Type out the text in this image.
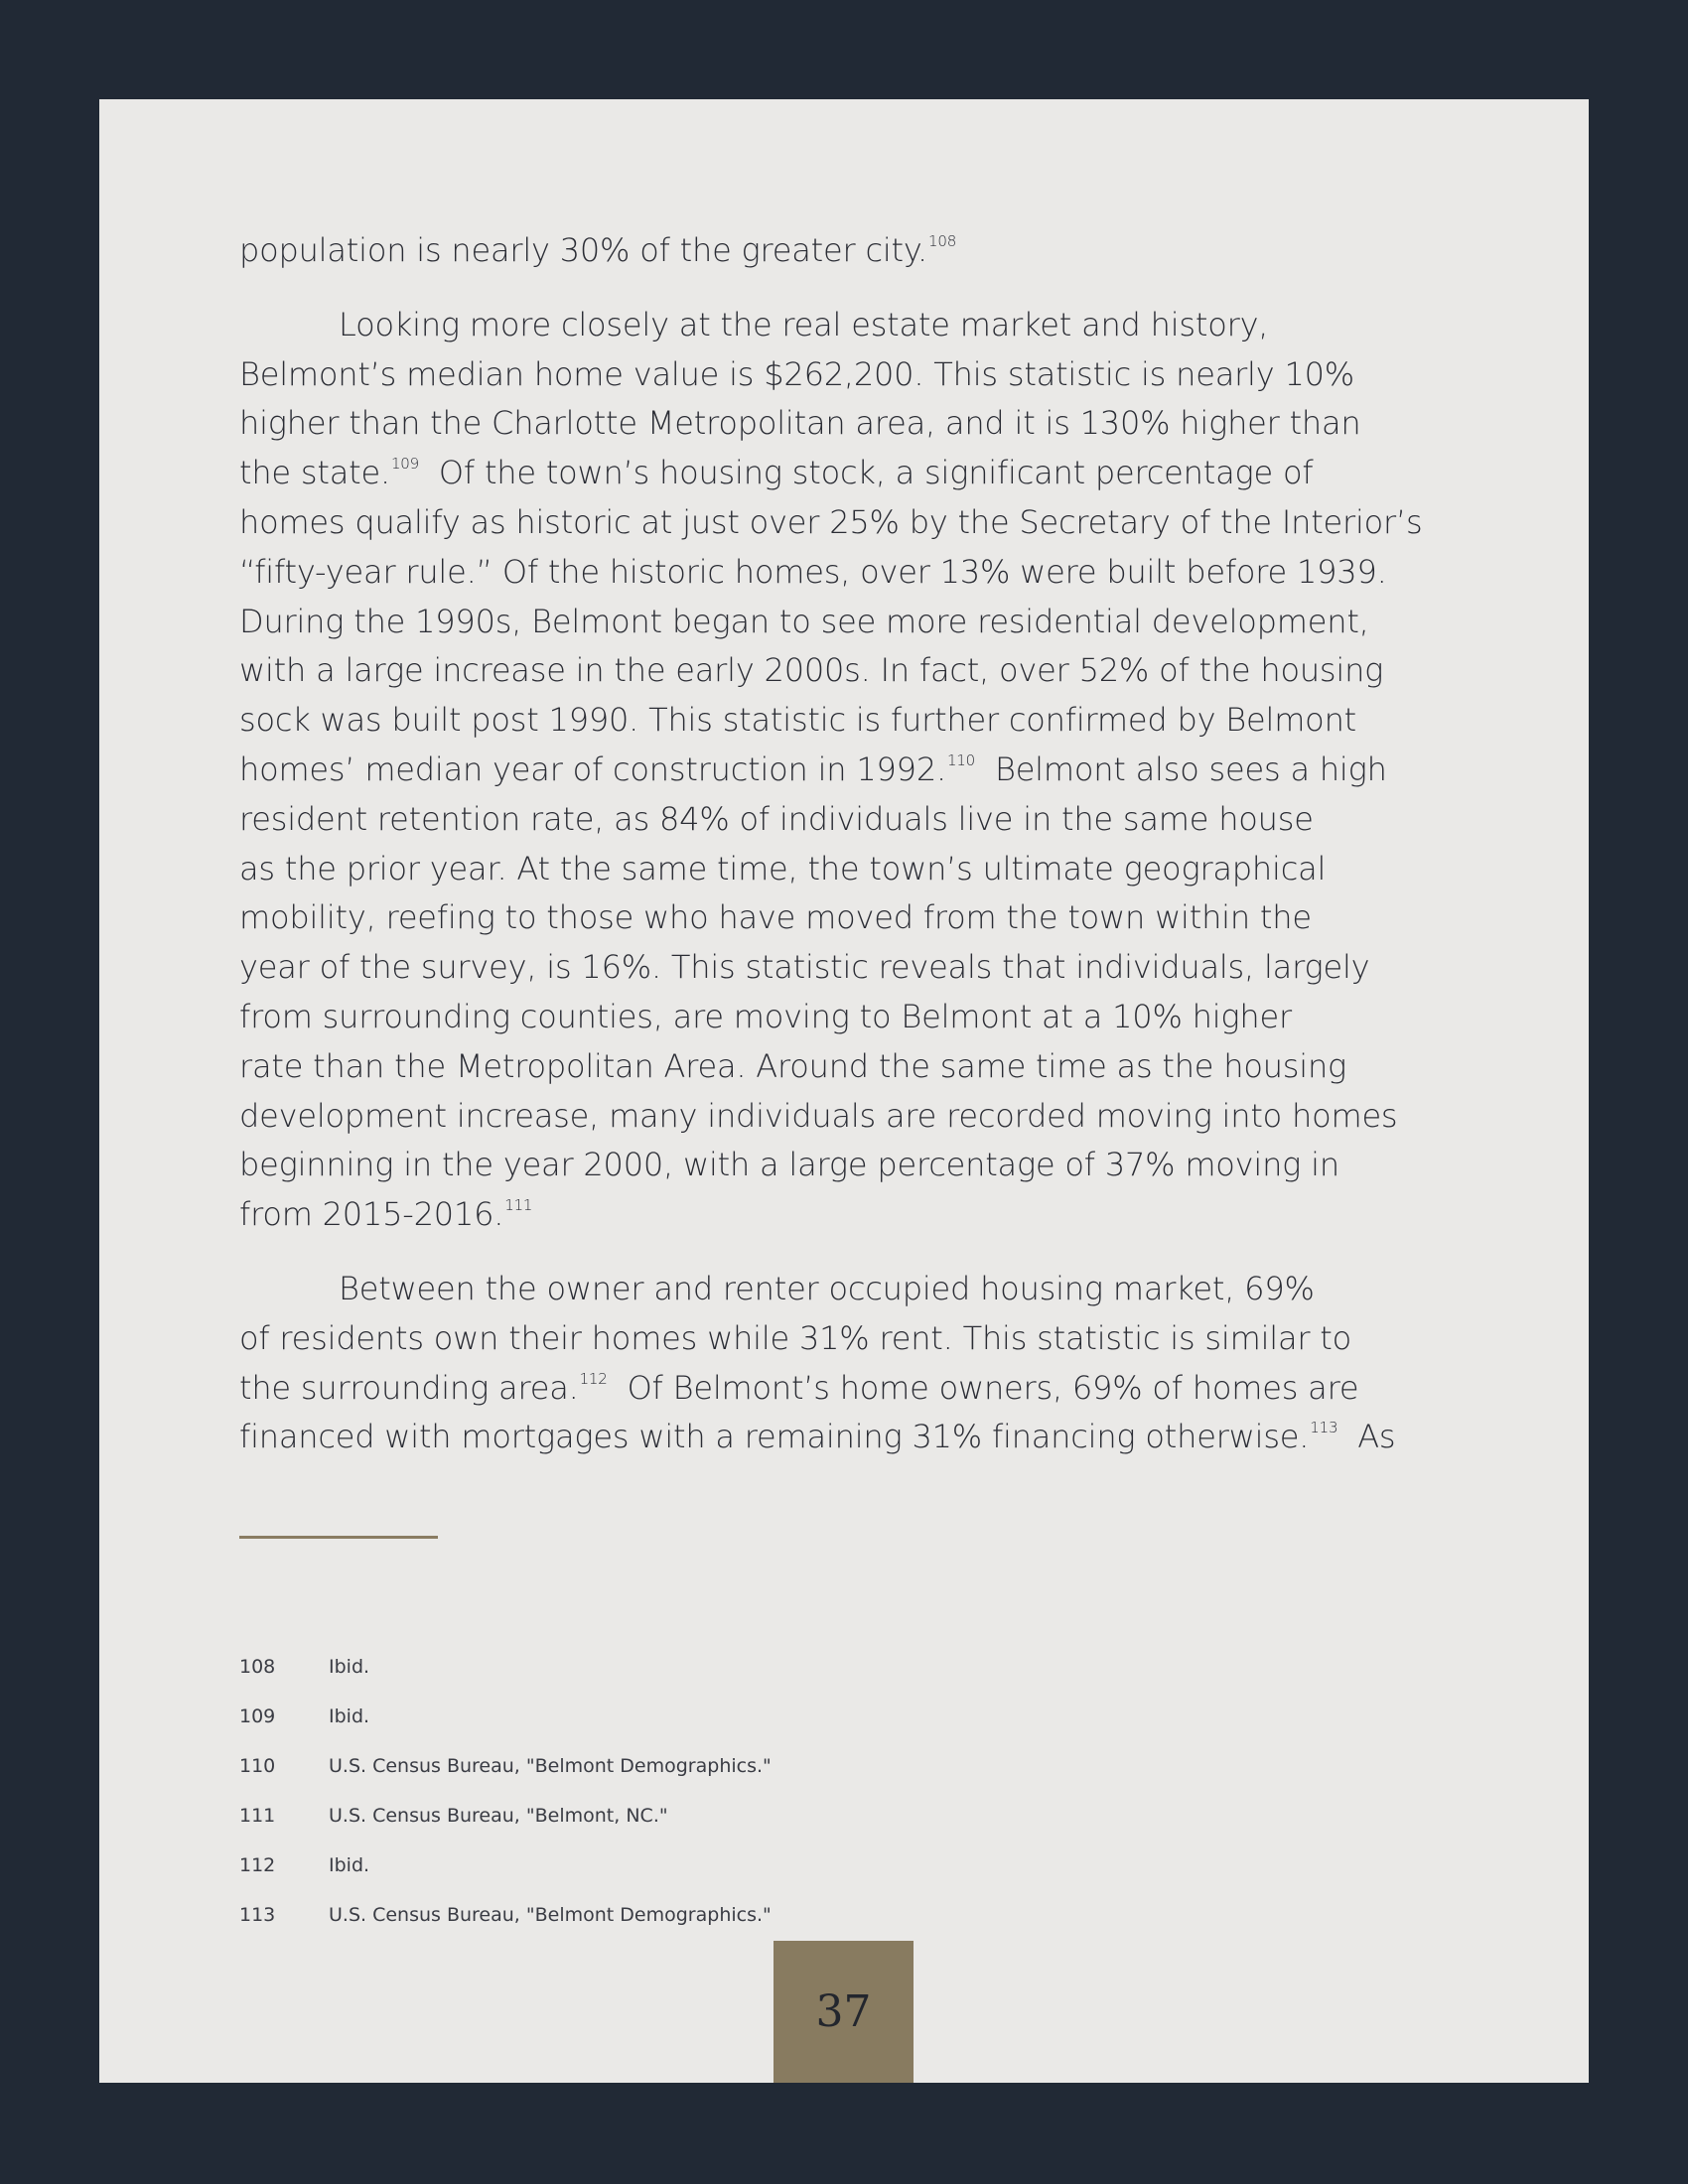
population is nearly 30% of the greater city.$^{108}$
Looking more closely at the real estate market and history,
Belmont’s median home value is $262,200. This statistic is nearly 10%
higher than the Charlotte Metropolitan area, and it is 130% higher than
the state.$^{109}$  Of the town’s housing stock, a significant percentage of
homes qualify as historic at just over 25% by the Secretary of the Interior’s
“fifty-year rule.” Of the historic homes, over 13% were built before 1939.
During the 1990s, Belmont began to see more residential development,
with a large increase in the early 2000s. In fact, over 52% of the housing
sock was built post 1990. This statistic is further confirmed by Belmont
homes’ median year of construction in 1992.$^{110}$  Belmont also sees a high
resident retention rate, as 84% of individuals live in the same house
as the prior year. At the same time, the town’s ultimate geographical
mobility, reefing to those who have moved from the town within the
year of the survey, is 16%. This statistic reveals that individuals, largely
from surrounding counties, are moving to Belmont at a 10% higher
rate than the Metropolitan Area. Around the same time as the housing
development increase, many individuals are recorded moving into homes
beginning in the year 2000, with a large percentage of 37% moving in
from 2015-2016.$^{111}$
Between the owner and renter occupied housing market, 69%
of residents own their homes while 31% rent. This statistic is similar to
the surrounding area.$^{112}$  Of Belmont’s home owners, 69% of homes are
financed with mortgages with a remaining 31% financing otherwise.$^{113}$  As
108	Ibid.
109	Ibid.
110	U.S. Census Bureau, "Belmont Demographics."
111	U.S. Census Bureau, "Belmont, NC."
112	Ibid.
113	U.S. Census Bureau, "Belmont Demographics."
37
